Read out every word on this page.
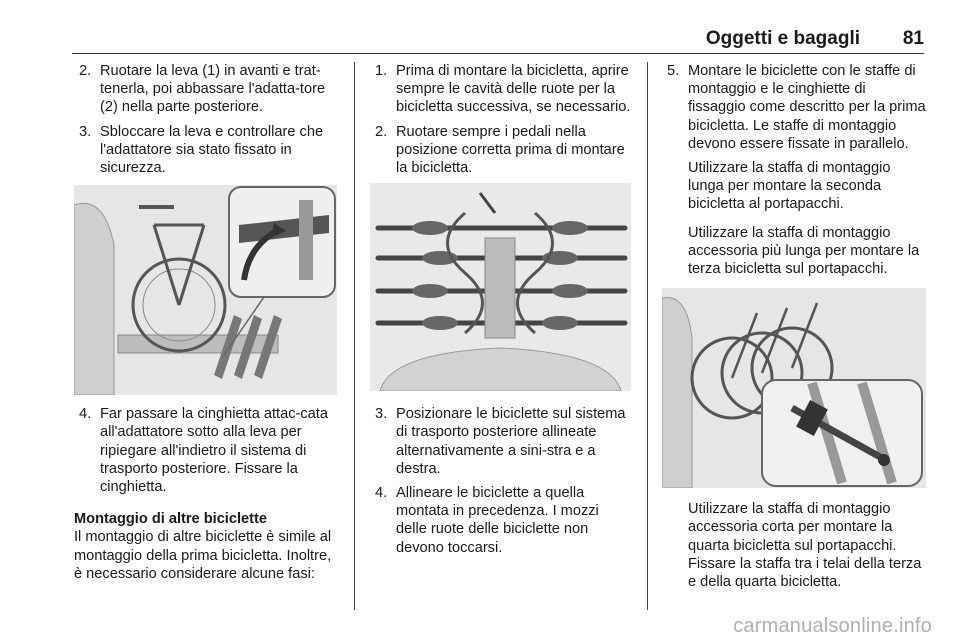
Oggetti e bagagli 81
2. Ruotare la leva (1) in avanti e trat-tenerla, poi abbassare l'adatta-tore (2) nella parte posteriore.
3. Sbloccare la leva e controllare che l'adattatore sia stato fissato in sicurezza.
4. Far passare la cinghietta attac-cata all'adattatore sotto alla leva per ripiegare all'indietro il sistema di trasporto posteriore. Fissare la cinghietta.
Montaggio di altre biciclette

Il montaggio di altre biciclette è simile al montaggio della prima bicicletta. Inoltre, è necessario considerare alcune fasi:

1. Prima di montare la bicicletta, aprire sempre le cavità delle ruote per la bicicletta successiva, se necessario.
2. Ruotare sempre i pedali nella posizione corretta prima di montare la bicicletta.
3. Posizionare le biciclette sul sistema di trasporto posteriore allineate alternativamente a sini-stra e a destra.
4. Allineare le biciclette a quella montata in precedenza. I mozzi delle ruote delle biciclette non devono toccarsi.
5. Montare le biciclette con le staffe di montaggio e le cinghiette di fissaggio come descritto per la prima bicicletta. Le staffe di montaggio devono essere fissate in parallelo.

Utilizzare la staffa di montaggio lunga per montare la seconda bicicletta al portapacchi.

Utilizzare la staffa di montaggio accessoria più lunga per montare la terza bicicletta sul portapacchi.

Utilizzare la staffa di montaggio accessoria corta per montare la quarta bicicletta sul portapacchi. Fissare la staffa tra i telai della terza e della quarta bicicletta.

carmanualsonline.info
